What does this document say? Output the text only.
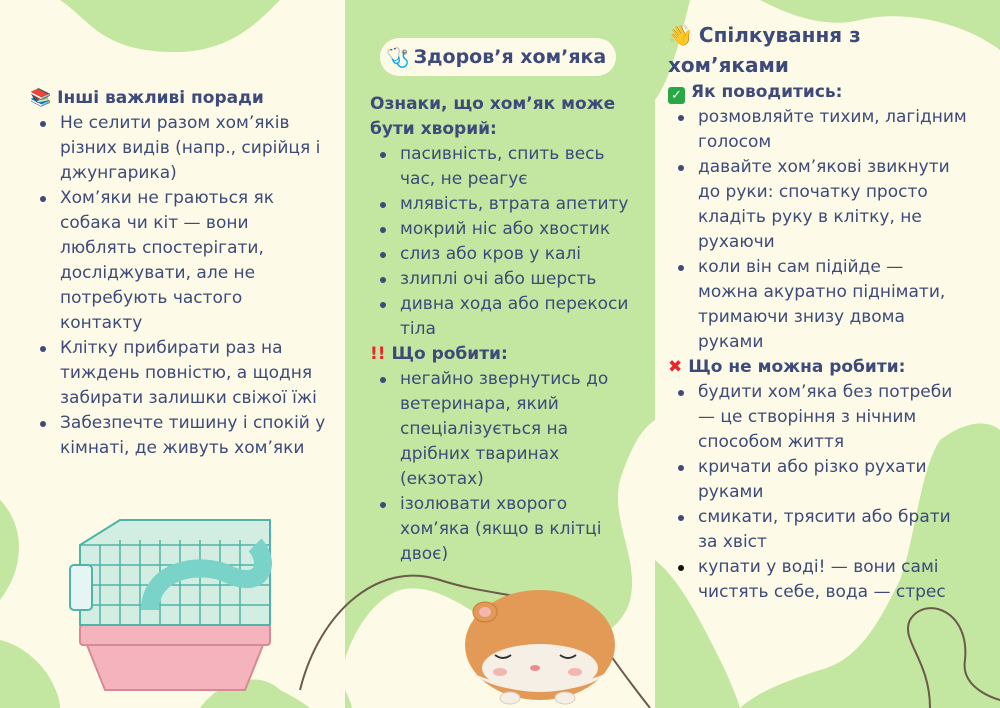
📚 Інші важливі поради
Не селити разом хом’яків різних видів (напр., сирійця і джунгарика)
Хом’яки не граються як собака чи кіт — вони люблять спостерігати, досліджувати, але не потребують частого контакту
Клітку прибирати раз на тиждень повністю, а щодня забирати залишки свіжої їжі
Забезпечте тишину і спокій у кімнаті, де живуть хом’яки
🩺 Здоров’я хом’яка
Ознаки, що хом’як може бути хворий:
пасивність, спить весь час, не реагує
млявість, втрата апетиту
мокрий ніс або хвостик
слиз або кров у калі
злиплі очі або шерсть
дивна хода або перекоси тіла
!! Що робити:
негайно звернутись до ветеринара, який спеціалізується на дрібних тваринах (екзотах)
ізолювати хворого хом’яка (якщо в клітці двоє)
👋 Спілкування з
хом’яками
✓ Як поводитись:
розмовляйте тихим, лагідним голосом
давайте хом’якові звикнути до руки: спочатку просто кладіть руку в клітку, не рухаючи
коли він сам підійде — можна акуратно піднімати, тримаючи знизу двома руками
✖ Що не можна робити:
будити хом’яка без потреби — це створіння з нічним способом життя
кричати або різко рухати руками
смикати, трясити або брати за хвіст
купати у воді! — вони самі чистять себе, вода — стрес
